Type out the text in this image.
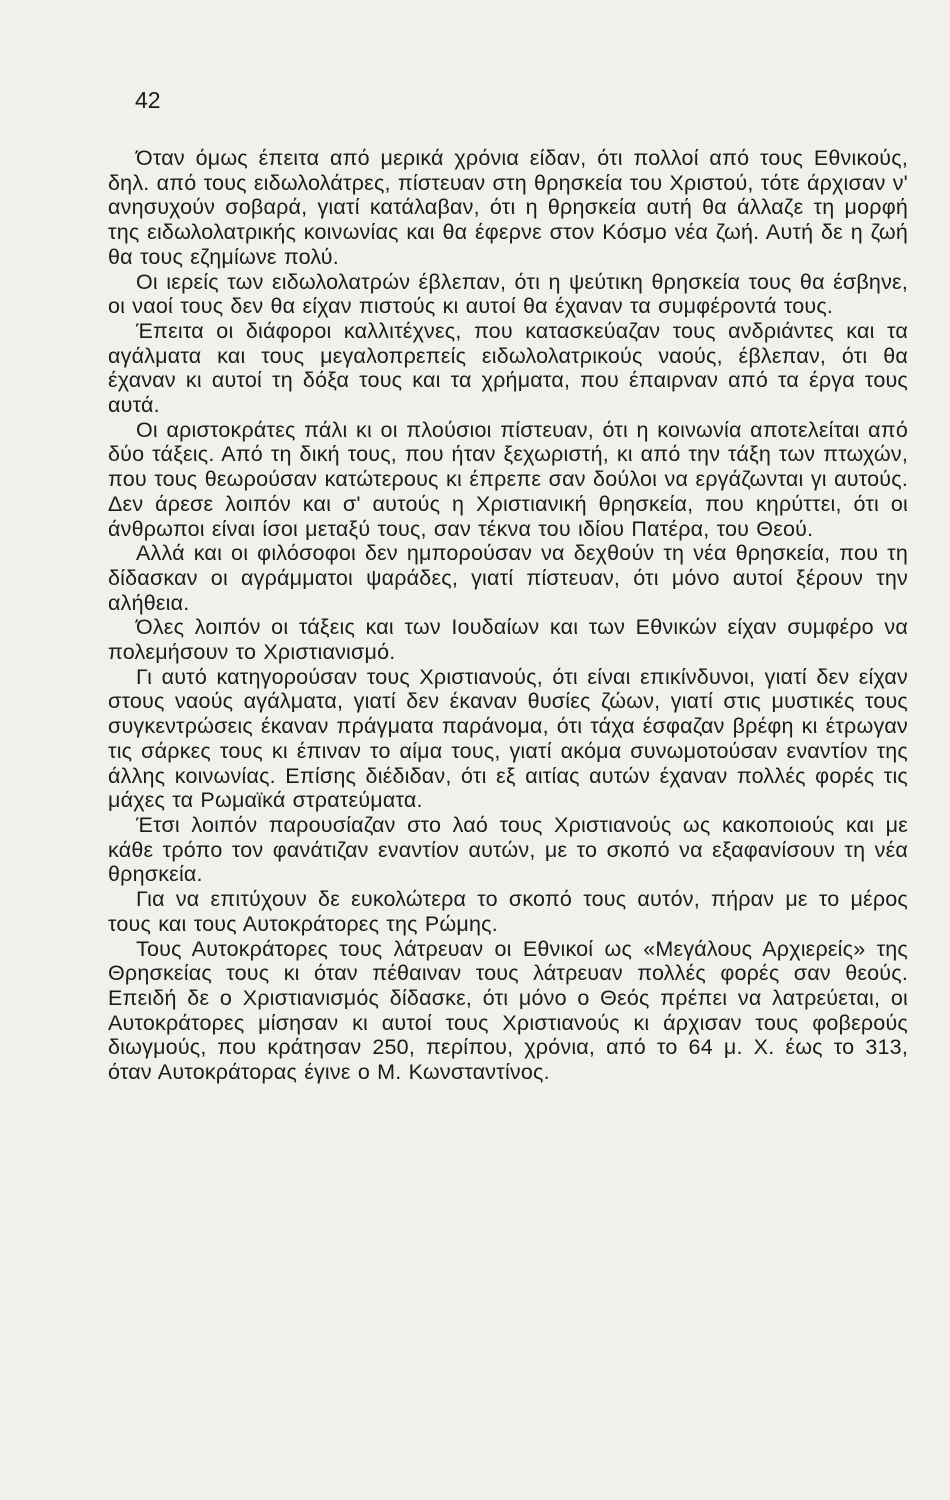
42

Όταν όμως έπειτα από μερικά χρόνια είδαν, ότι πολλοί από τους Εθνικούς, δηλ. από τους ειδωλολάτρες, πίστευαν στη θρησκεία του Χριστού, τότε άρχισαν ν' ανησυχούν σοβαρά, γιατί κατάλαβαν, ότι η θρησκεία αυτή θα άλλαζε τη μορφή της ειδωλολατρικής κοινωνίας και θα έφερνε στον Κόσμο νέα ζωή. Αυτή δε η ζωή θα τους εζημίωνε πολύ.

Οι ιερείς των ειδωλολατρών έβλεπαν, ότι η ψεύτικη θρησκεία τους θα έσβηνε, οι ναοί τους δεν θα είχαν πιστούς κι αυτοί θα έχαναν τα συμφέροντά τους.

Έπειτα οι διάφοροι καλλιτέχνες, που κατασκεύαζαν τους ανδριάντες και τα αγάλματα και τους μεγαλοπρεπείς ειδωλολατρικούς ναούς, έβλεπαν, ότι θα έχαναν κι αυτοί τη δόξα τους και τα χρήματα, που έπαιρναν από τα έργα τους αυτά.

Οι αριστοκράτες πάλι κι οι πλούσιοι πίστευαν, ότι η κοινωνία αποτελείται από δύο τάξεις. Από τη δική τους, που ήταν ξεχωριστή, κι από την τάξη των πτωχών, που τους θεωρούσαν κατώτερους κι έπρεπε σαν δούλοι να εργάζωνται γι αυτούς. Δεν άρεσε λοιπόν και σ' αυτούς η Χριστιανική θρησκεία, που κηρύττει, ότι οι άνθρωποι είναι ίσοι μεταξύ τους, σαν τέκνα του ιδίου Πατέρα, του Θεού.

Αλλά και οι φιλόσοφοι δεν ημπορούσαν να δεχθούν τη νέα θρησκεία, που τη δίδασκαν οι αγράμματοι ψαράδες, γιατί πίστευαν, ότι μόνο αυτοί ξέρουν την αλήθεια.

Όλες λοιπόν οι τάξεις και των Ιουδαίων και των Εθνικών είχαν συμφέρο να πολεμήσουν το Χριστιανισμό.

Γι αυτό κατηγορούσαν τους Χριστιανούς, ότι είναι επικίνδυνοι, γιατί δεν είχαν στους ναούς αγάλματα, γιατί δεν έκαναν θυσίες ζώων, γιατί στις μυστικές τους συγκεντρώσεις έκαναν πράγματα παράνομα, ότι τάχα έσφαζαν βρέφη κι έτρωγαν τις σάρκες τους κι έπιναν το αίμα τους, γιατί ακόμα συνωμοτούσαν εναντίον της άλλης κοινωνίας. Επίσης διέδιδαν, ότι εξ αιτίας αυτών έχαναν πολλές φορές τις μάχες τα Ρωμαϊκά στρατεύματα.

Έτσι λοιπόν παρουσίαζαν στο λαό τους Χριστιανούς ως κακοποιούς και με κάθε τρόπο τον φανάτιζαν εναντίον αυτών, με το σκοπό να εξαφανίσουν τη νέα θρησκεία.

Για να επιτύχουν δε ευκολώτερα το σκοπό τους αυτόν, πήραν με το μέρος τους και τους Αυτοκράτορες της Ρώμης.

Τους Αυτοκράτορες τους λάτρευαν οι Εθνικοί ως «Μεγάλους Αρχιερείς» της Θρησκείας τους κι όταν πέθαιναν τους λάτρευαν πολλές φορές σαν θεούς. Επειδή δε ο Χριστιανισμός δίδασκε, ότι μόνο ο Θεός πρέπει να λατρεύεται, οι Αυτοκράτορες μίσησαν κι αυτοί τους Χριστιανούς κι άρχισαν τους φοβερούς διωγμούς, που κράτησαν 250, περίπου, χρόνια, από το 64 μ. Χ. έως το 313, όταν Αυτοκράτορας έγινε ο Μ. Κωνσταντίνος.
